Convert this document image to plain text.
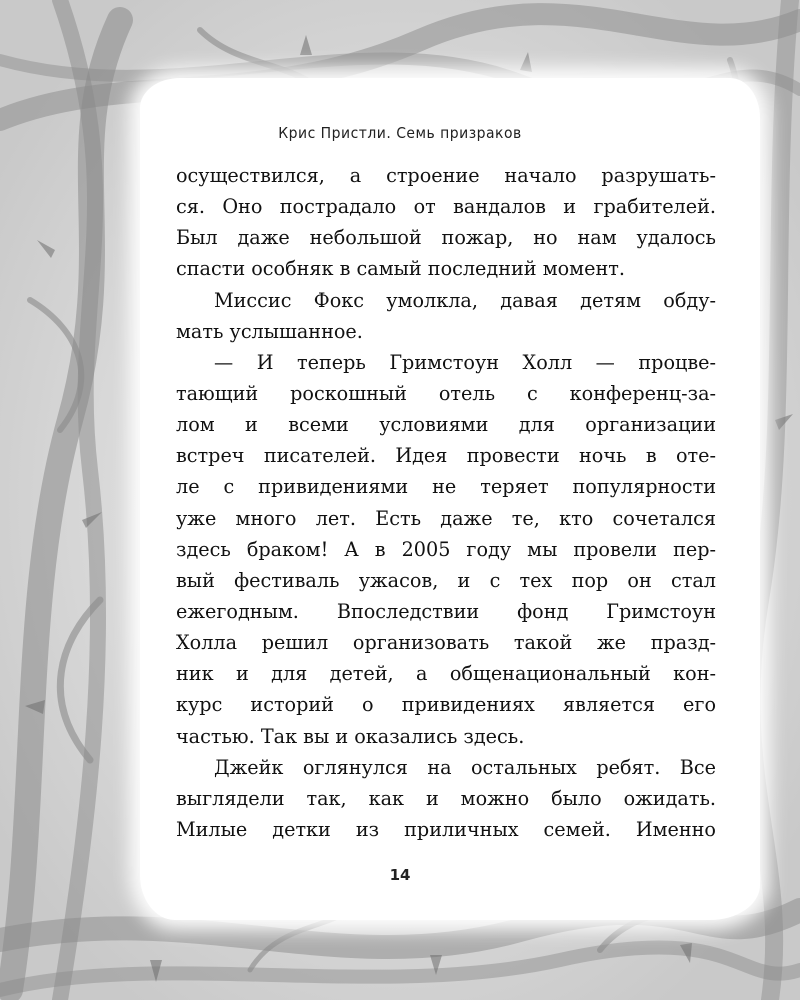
Крис Пристли. Семь призраков
осуществился, а строение начало разрушать-
ся. Оно пострадало от вандалов и грабителей.
Был даже небольшой пожар, но нам удалось
спасти особняк в самый последний момент.
Миссис Фокс умолкла, давая детям обду-
мать услышанное.
— И теперь Гримстоун Холл — процве-
тающий роскошный отель с конференц-за-
лом и всеми условиями для организации
встреч писателей. Идея провести ночь в оте-
ле с привидениями не теряет популярности
уже много лет. Есть даже те, кто сочетался
здесь браком! А в 2005 году мы провели пер-
вый фестиваль ужасов, и с тех пор он стал
ежегодным. Впоследствии фонд Гримстоун
Холла решил организовать такой же празд-
ник и для детей, а общенациональный кон-
курс историй о привидениях является его
частью. Так вы и оказались здесь.
Джейк оглянулся на остальных ребят. Все
выглядели так, как и можно было ожидать.
Милые детки из приличных семей. Именно
14
